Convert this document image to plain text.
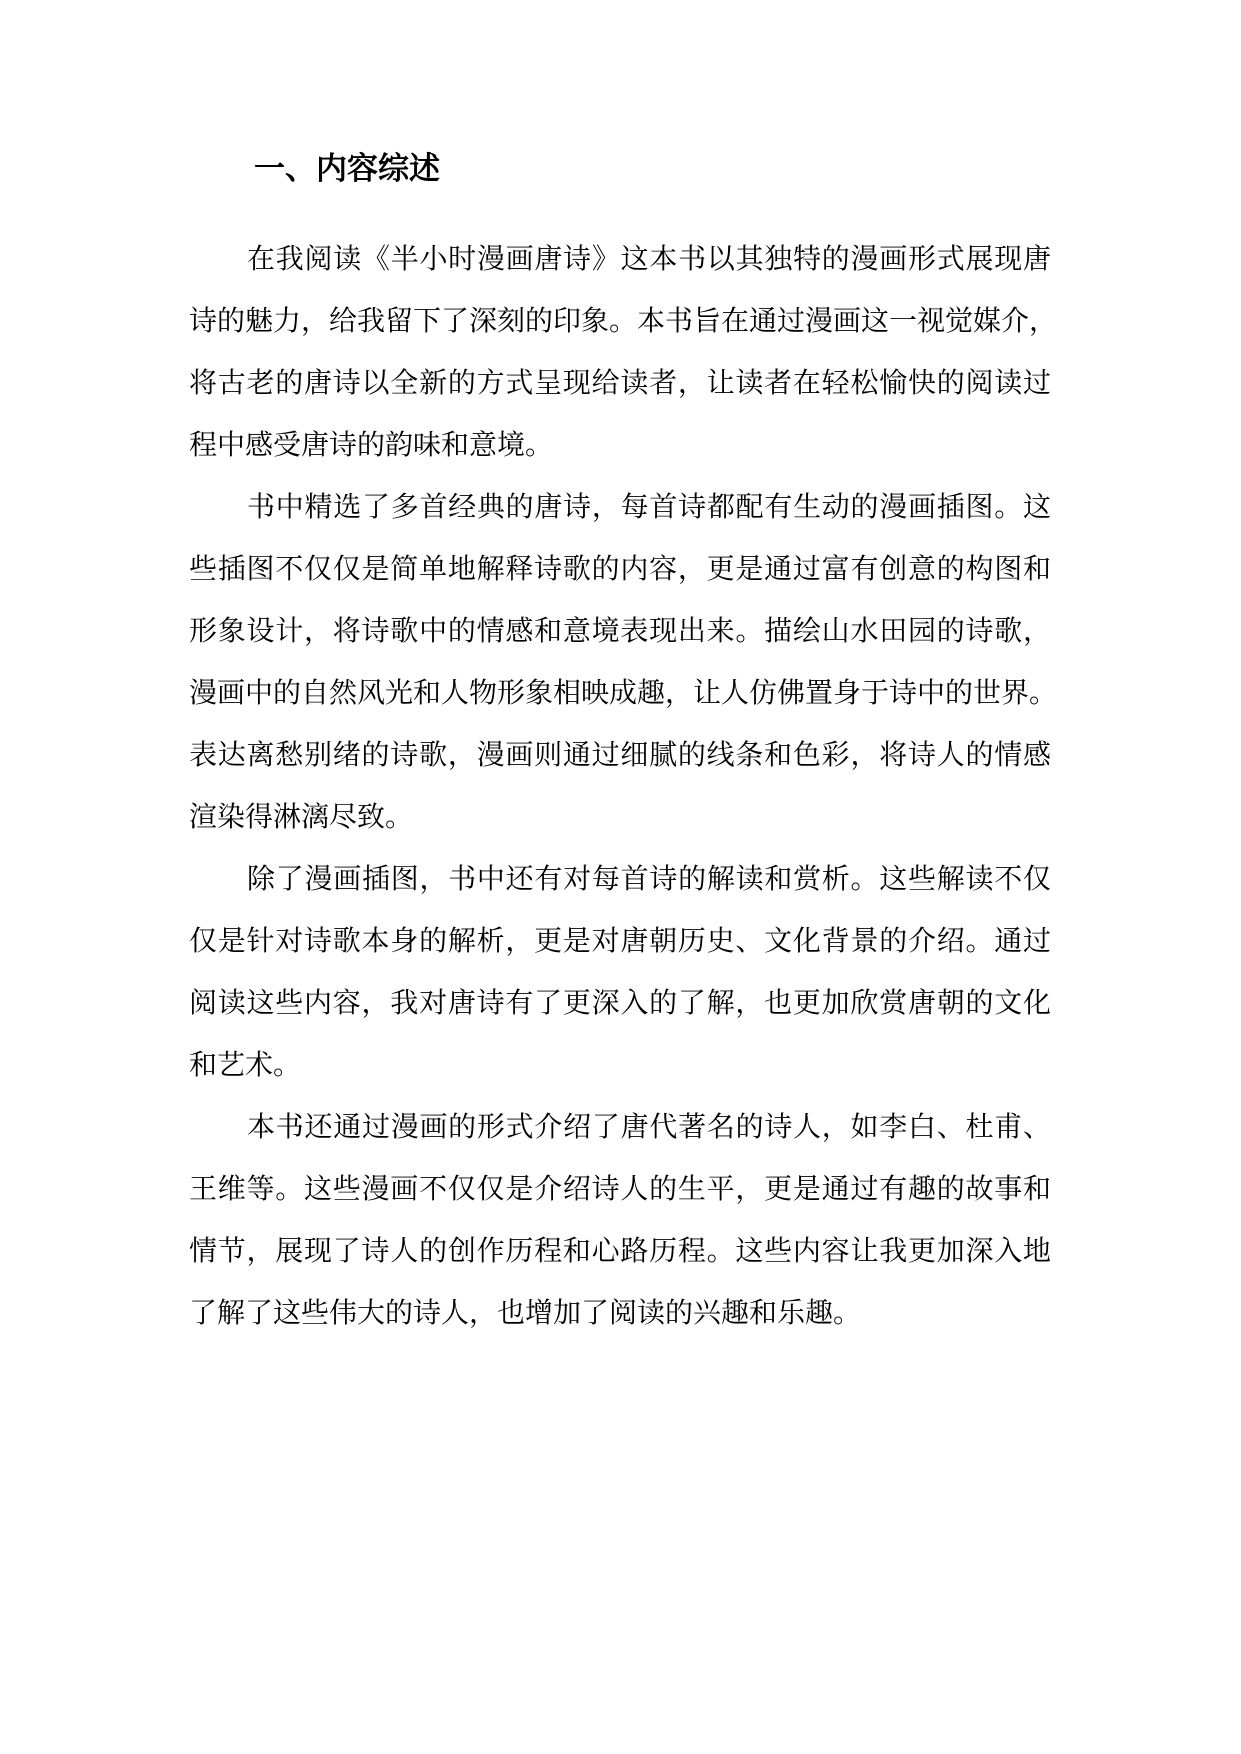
一、内容综述
在我阅读《半小时漫画唐诗》这本书以其独特的漫画形式展现唐
诗的魅力，给我留下了深刻的印象。本书旨在通过漫画这一视觉媒介，
将古老的唐诗以全新的方式呈现给读者，让读者在轻松愉快的阅读过
程中感受唐诗的韵味和意境。
书中精选了多首经典的唐诗，每首诗都配有生动的漫画插图。这
些插图不仅仅是简单地解释诗歌的内容，更是通过富有创意的构图和
形象设计，将诗歌中的情感和意境表现出来。描绘山水田园的诗歌，
漫画中的自然风光和人物形象相映成趣，让人仿佛置身于诗中的世界。
表达离愁别绪的诗歌，漫画则通过细腻的线条和色彩，将诗人的情感
渲染得淋漓尽致。
除了漫画插图，书中还有对每首诗的解读和赏析。这些解读不仅
仅是针对诗歌本身的解析，更是对唐朝历史、文化背景的介绍。通过
阅读这些内容，我对唐诗有了更深入的了解，也更加欣赏唐朝的文化
和艺术。
本书还通过漫画的形式介绍了唐代著名的诗人，如李白、杜甫、
王维等。这些漫画不仅仅是介绍诗人的生平，更是通过有趣的故事和
情节，展现了诗人的创作历程和心路历程。这些内容让我更加深入地
了解了这些伟大的诗人，也增加了阅读的兴趣和乐趣。
